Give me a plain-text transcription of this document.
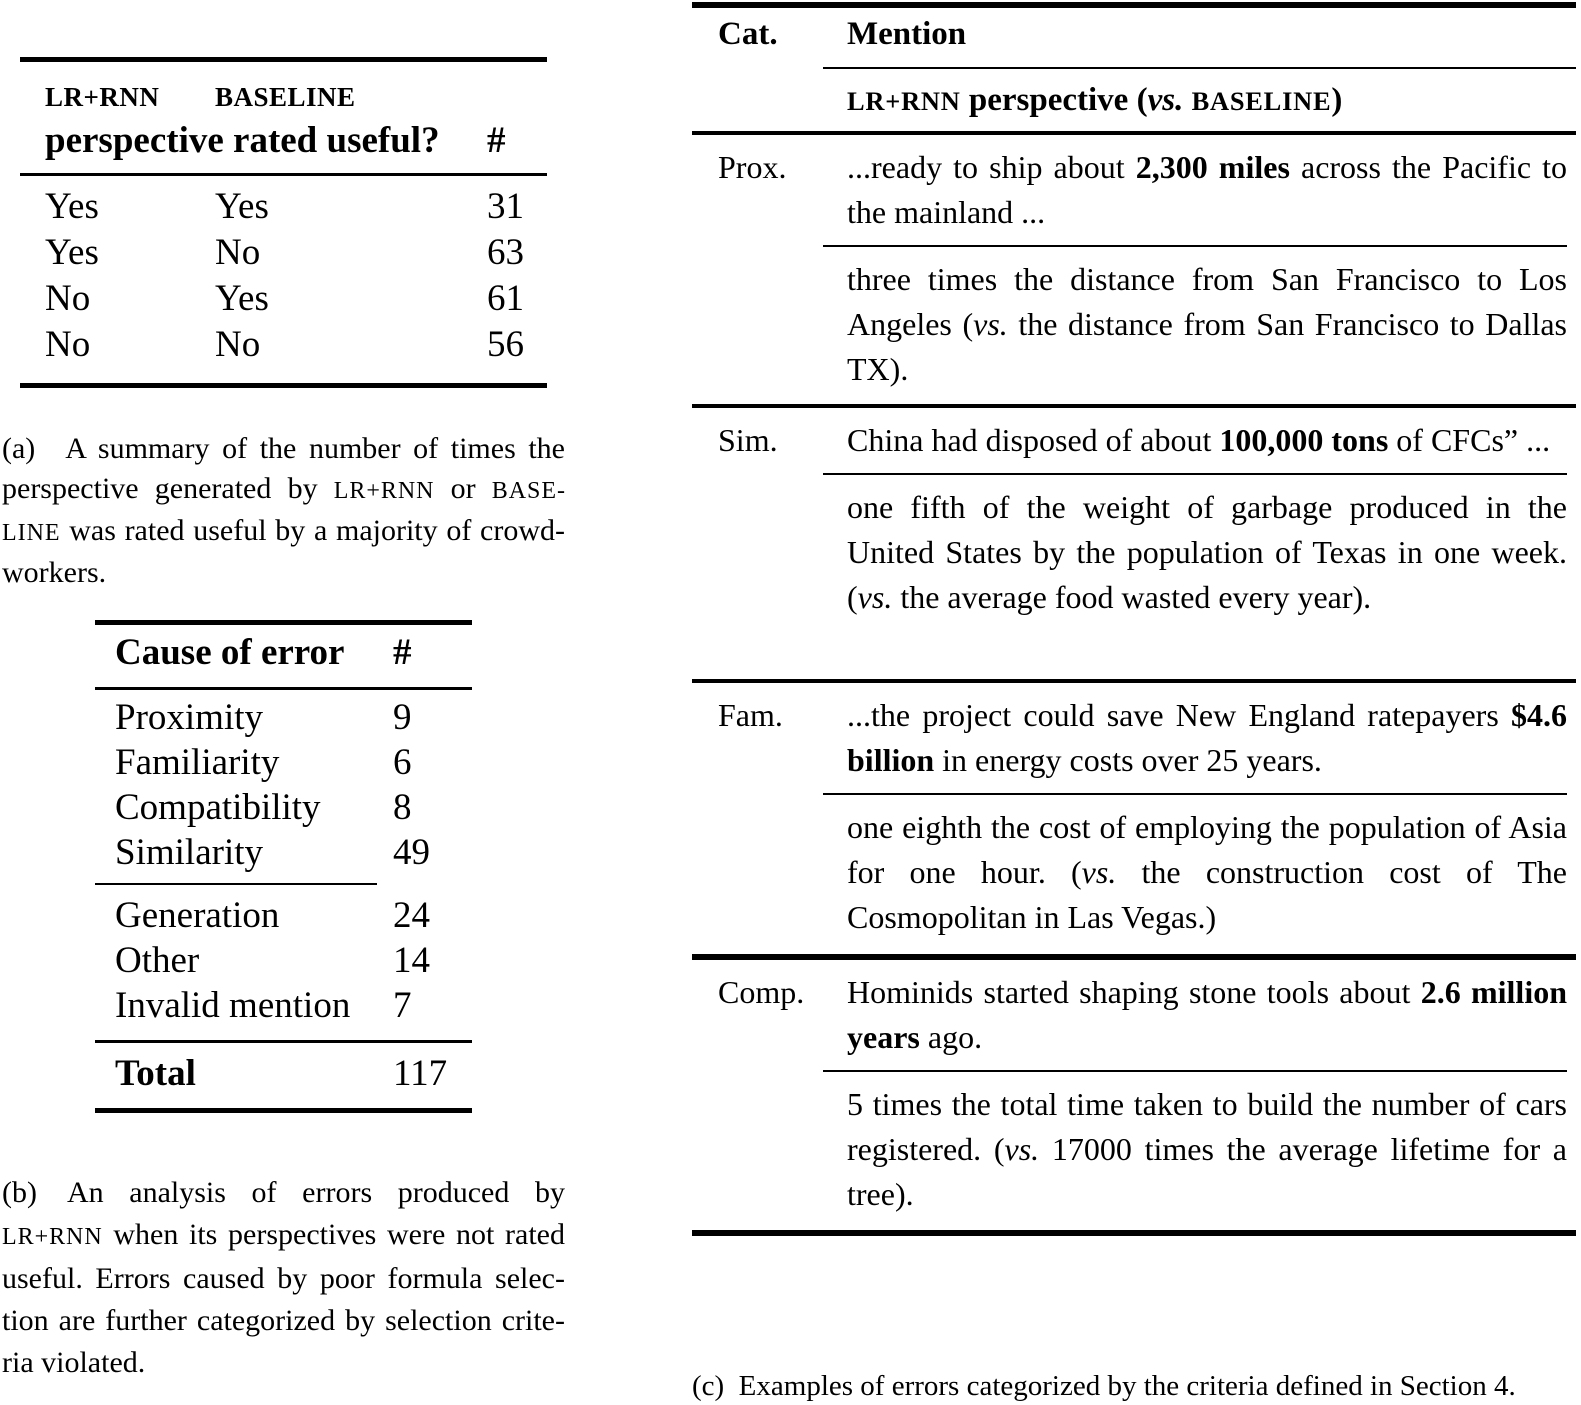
LR+RNN	BASELINE
perspective rated useful?	#
Yes	Yes	31
Yes	No	63
No	Yes	61
No	No	56

(a) A summary of the number of times the perspective generated by LR+RNN or BASELINE was rated useful by a majority of crowd-workers.

Cause of error	#
Proximity	9
Familiarity	6
Compatibility	8
Similarity	49
Generation	24
Other	14
Invalid mention	7
Total	117

(b) An analysis of errors produced by LR+RNN when its perspectives were not rated useful. Errors caused by poor formula selection are further categorized by selection criteria violated.

Cat.	Mention
LR+RNN perspective (vs. BASELINE)
Prox.	...ready to ship about 2,300 miles across the Pacific to the mainland ...

three times the distance from San Francisco to Los Angeles (vs. the distance from San Francisco to Dallas TX).

Sim.	China had disposed of about 100,000 tons of CFCs” ...

one fifth of the weight of garbage produced in the United States by the population of Texas in one week. (vs. the average food wasted every year).

Fam.	...the project could save New England ratepayers $4.6 billion in energy costs over 25 years.

one eighth the cost of employing the population of Asia for one hour. (vs. the construction cost of The Cosmopolitan in Las Vegas.)

Comp.	Hominids started shaping stone tools about 2.6 million years ago.

5 times the total time taken to build the number of cars registered. (vs. 17000 times the average lifetime for a tree).

(c) Examples of errors categorized by the criteria defined in Section 4.
